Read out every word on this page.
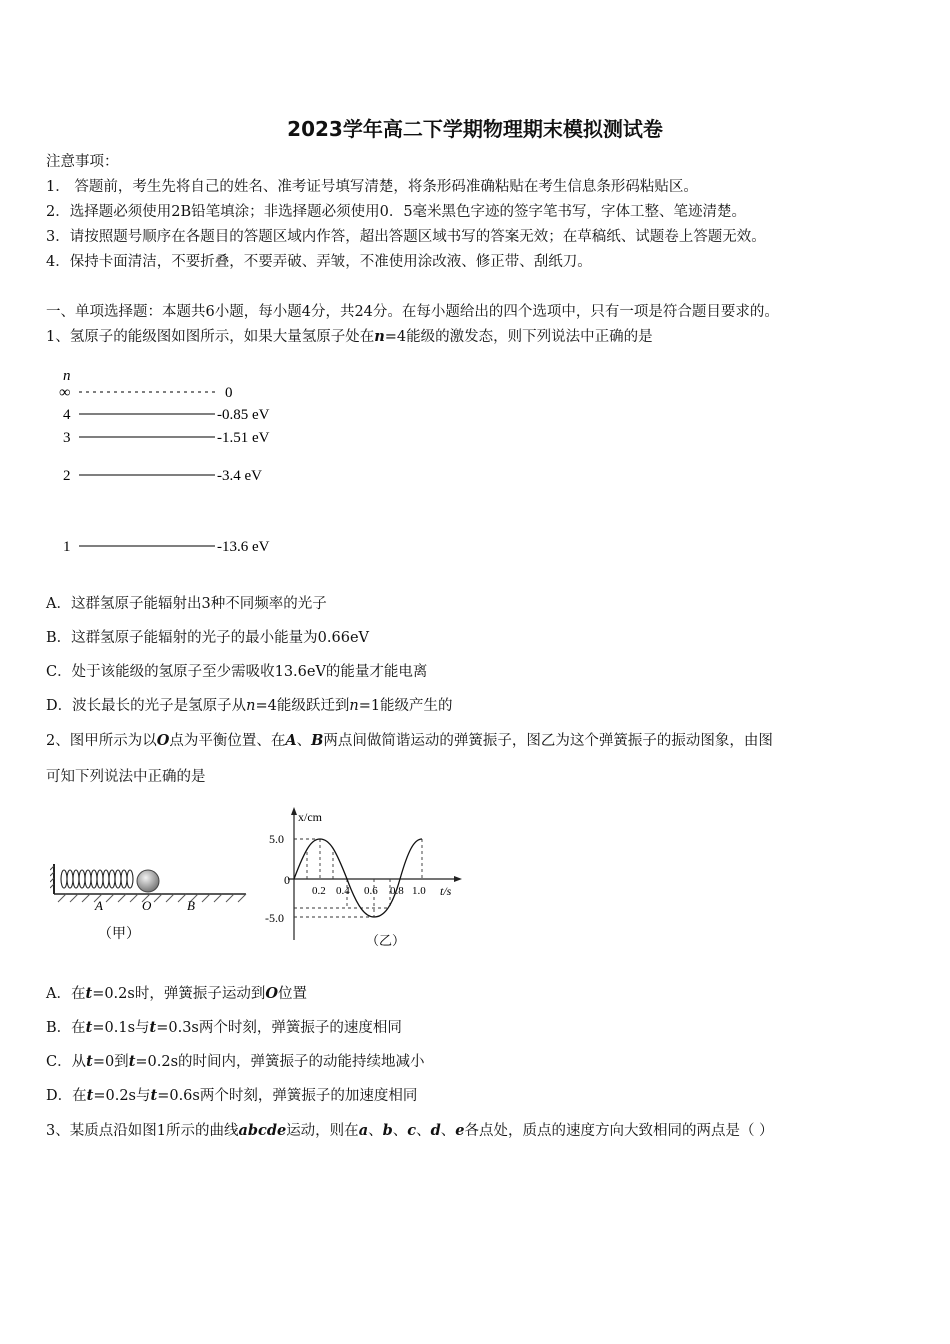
2023学年高二下学期物理期末模拟测试卷
注意事项：
1． 答题前，考生先将自己的姓名、准考证号填写清楚，将条形码准确粘贴在考生信息条形码粘贴区。
2．选择题必须使用2B铅笔填涂；非选择题必须使用0．5毫米黑色字迹的签字笔书写，字体工整、笔迹清楚。
3．请按照题号顺序在各题目的答题区域内作答，超出答题区域书写的答案无效；在草稿纸、试题卷上答题无效。
4．保持卡面清洁，不要折叠，不要弄破、弄皱，不准使用涂改液、修正带、刮纸刀。
一、单项选择题：本题共6小题，每小题4分，共24分。在每小题给出的四个选项中，只有一项是符合题目要求的。
1、氢原子的能级图如图所示，如果大量氢原子处在n=4能级的激发态，则下列说法中正确的是
n
∞	0
4	-0.85 eV
3	-1.51 eV
2	-3.4 eV
1	-13.6 eV
A．这群氢原子能辐射出3种不同频率的光子
B．这群氢原子能辐射的光子的最小能量为0.66eV
C．处于该能级的氢原子至少需吸收13.6eV的能量才能电离
D．波长最长的光子是氢原子从n=4能级跃迁到n=1能级产生的
2、图甲所示为以O点为平衡位置、在A、B两点间做简谐运动的弹簧振子，图乙为这个弹簧振子的振动图象，由图
可知下列说法中正确的是
A	O	B
（甲）
x/cm
t/s
5.0
-5.0
0
0.2 0.4 0.6 0.8 1.0
（乙）
A．在t=0.2s时，弹簧振子运动到O位置
B．在t=0.1s与t=0.3s两个时刻，弹簧振子的速度相同
C．从t=0到t=0.2s的时间内，弹簧振子的动能持续地减小
D．在t=0.2s与t=0.6s两个时刻，弹簧振子的加速度相同
3、某质点沿如图1所示的曲线abcde运动，则在a、b、c、d、e各点处，质点的速度方向大致相同的两点是（ ）
